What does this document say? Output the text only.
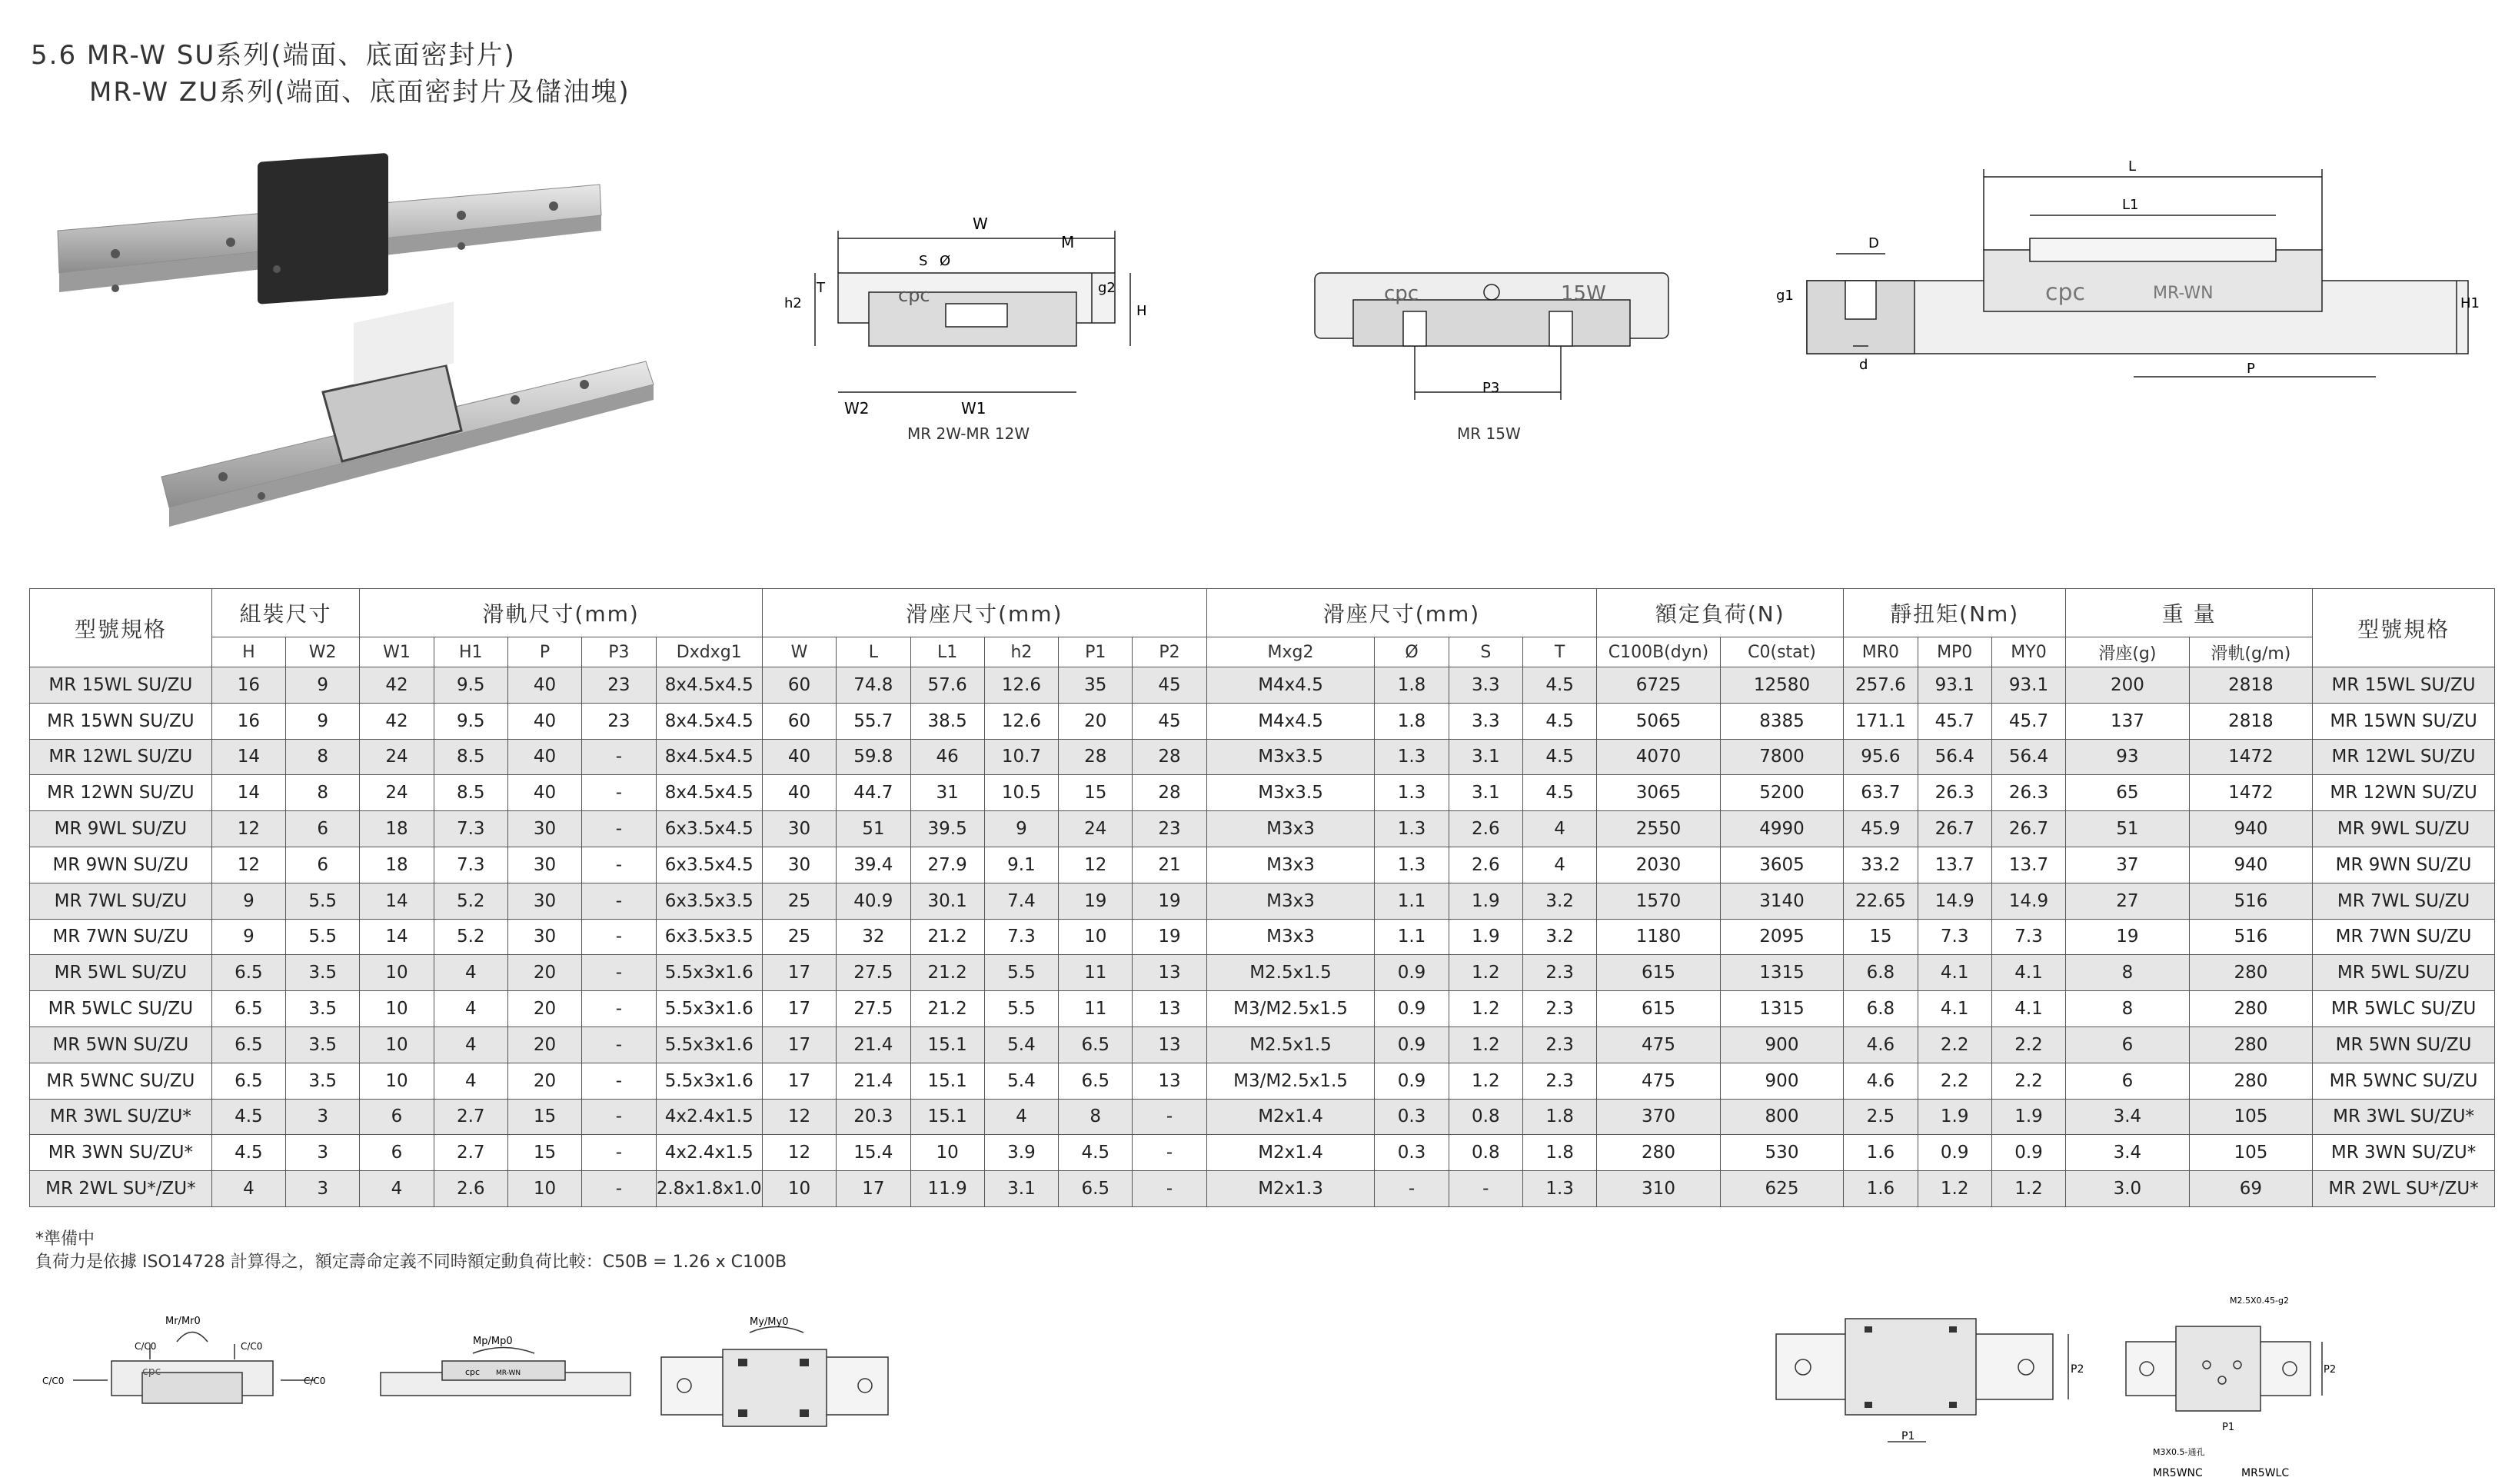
5.6 MR-W SU系列(端面、底面密封片)
MR-W ZU系列(端面、底面密封片及儲油塊)
W
M
S Ø
T
h2
g2
H
cpc
W2	W1
MR 2W-MR 12W
cpc	15W
P3
MR 15W
L
L1
D
d
g1	H1
P
cpc	MR-WN
型號規格	組裝尺寸		滑軌尺寸(mm)					滑座尺寸(mm)						滑座尺寸(mm)				額定負荷(N)		靜扭矩(Nm)			重 量		型號規格
	H	W2	W1	H1	P	P3	Dxdxg1	W	L	L1	h2	P1	P2	Mxg2	Ø	S	T	C100B(dyn)	C0(stat)	MR0	MP0	MY0	滑座(g)	滑軌(g/m)	
MR 15WL SU/ZU	16	9	42	9.5	40	23	8x4.5x4.5	60	74.8	57.6	12.6	35	45	M4x4.5	1.8	3.3	4.5	6725	12580	257.6	93.1	93.1	200	2818	MR 15WL SU/ZU
MR 15WN SU/ZU	16	9	42	9.5	40	23	8x4.5x4.5	60	55.7	38.5	12.6	20	45	M4x4.5	1.8	3.3	4.5	5065	8385	171.1	45.7	45.7	137	2818	MR 15WN SU/ZU
MR 12WL SU/ZU	14	8	24	8.5	40	-	8x4.5x4.5	40	59.8	46	10.7	28	28	M3x3.5	1.3	3.1	4.5	4070	7800	95.6	56.4	56.4	93	1472	MR 12WL SU/ZU
MR 12WN SU/ZU	14	8	24	8.5	40	-	8x4.5x4.5	40	44.7	31	10.5	15	28	M3x3.5	1.3	3.1	4.5	3065	5200	63.7	26.3	26.3	65	1472	MR 12WN SU/ZU
MR 9WL SU/ZU	12	6	18	7.3	30	-	6x3.5x4.5	30	51	39.5	9	24	23	M3x3	1.3	2.6	4	2550	4990	45.9	26.7	26.7	51	940	MR 9WL SU/ZU
MR 9WN SU/ZU	12	6	18	7.3	30	-	6x3.5x4.5	30	39.4	27.9	9.1	12	21	M3x3	1.3	2.6	4	2030	3605	33.2	13.7	13.7	37	940	MR 9WN SU/ZU
MR 7WL SU/ZU	9	5.5	14	5.2	30	-	6x3.5x3.5	25	40.9	30.1	7.4	19	19	M3x3	1.1	1.9	3.2	1570	3140	22.65	14.9	14.9	27	516	MR 7WL SU/ZU
MR 7WN SU/ZU	9	5.5	14	5.2	30	-	6x3.5x3.5	25	32	21.2	7.3	10	19	M3x3	1.1	1.9	3.2	1180	2095	15	7.3	7.3	19	516	MR 7WN SU/ZU
MR 5WL SU/ZU	6.5	3.5	10	4	20	-	5.5x3x1.6	17	27.5	21.2	5.5	11	13	M2.5x1.5	0.9	1.2	2.3	615	1315	6.8	4.1	4.1	8	280	MR 5WL SU/ZU
MR 5WLC SU/ZU	6.5	3.5	10	4	20	-	5.5x3x1.6	17	27.5	21.2	5.5	11	13	M3/M2.5x1.5	0.9	1.2	2.3	615	1315	6.8	4.1	4.1	8	280	MR 5WLC SU/ZU
MR 5WN SU/ZU	6.5	3.5	10	4	20	-	5.5x3x1.6	17	21.4	15.1	5.4	6.5	13	M2.5x1.5	0.9	1.2	2.3	475	900	4.6	2.2	2.2	6	280	MR 5WN SU/ZU
MR 5WNC SU/ZU	6.5	3.5	10	4	20	-	5.5x3x1.6	17	21.4	15.1	5.4	6.5	13	M3/M2.5x1.5	0.9	1.2	2.3	475	900	4.6	2.2	2.2	6	280	MR 5WNC SU/ZU
MR 3WL SU/ZU*	4.5	3	6	2.7	15	-	4x2.4x1.5	12	20.3	15.1	4	8	-	M2x1.4	0.3	0.8	1.8	370	800	2.5	1.9	1.9	3.4	105	MR 3WL SU/ZU*
MR 3WN SU/ZU*	4.5	3	6	2.7	15	-	4x2.4x1.5	12	15.4	10	3.9	4.5	-	M2x1.4	0.3	0.8	1.8	280	530	1.6	0.9	0.9	3.4	105	MR 3WN SU/ZU*
MR 2WL SU*/ZU*	4	3	4	2.6	10	-	2.8x1.8x1.0	10	17	11.9	3.1	6.5	-	M2x1.3	-	-	1.3	310	625	1.6	1.2	1.2	3.0	69	MR 2WL SU*/ZU*
*準備中
負荷力是依據 ISO14728 計算得之，額定壽命定義不同時額定動負荷比較：C50B = 1.26 x C100B
Mr/Mr0
C/C0	C/C0
C/C0	C/C0
cpc
Mp/Mp0
cpc MR-WN
My/My0
P2
P1
M2.5X0.45-g2
P2
P1
M3X0.5-通孔
MR5WNC	MR5WLC
